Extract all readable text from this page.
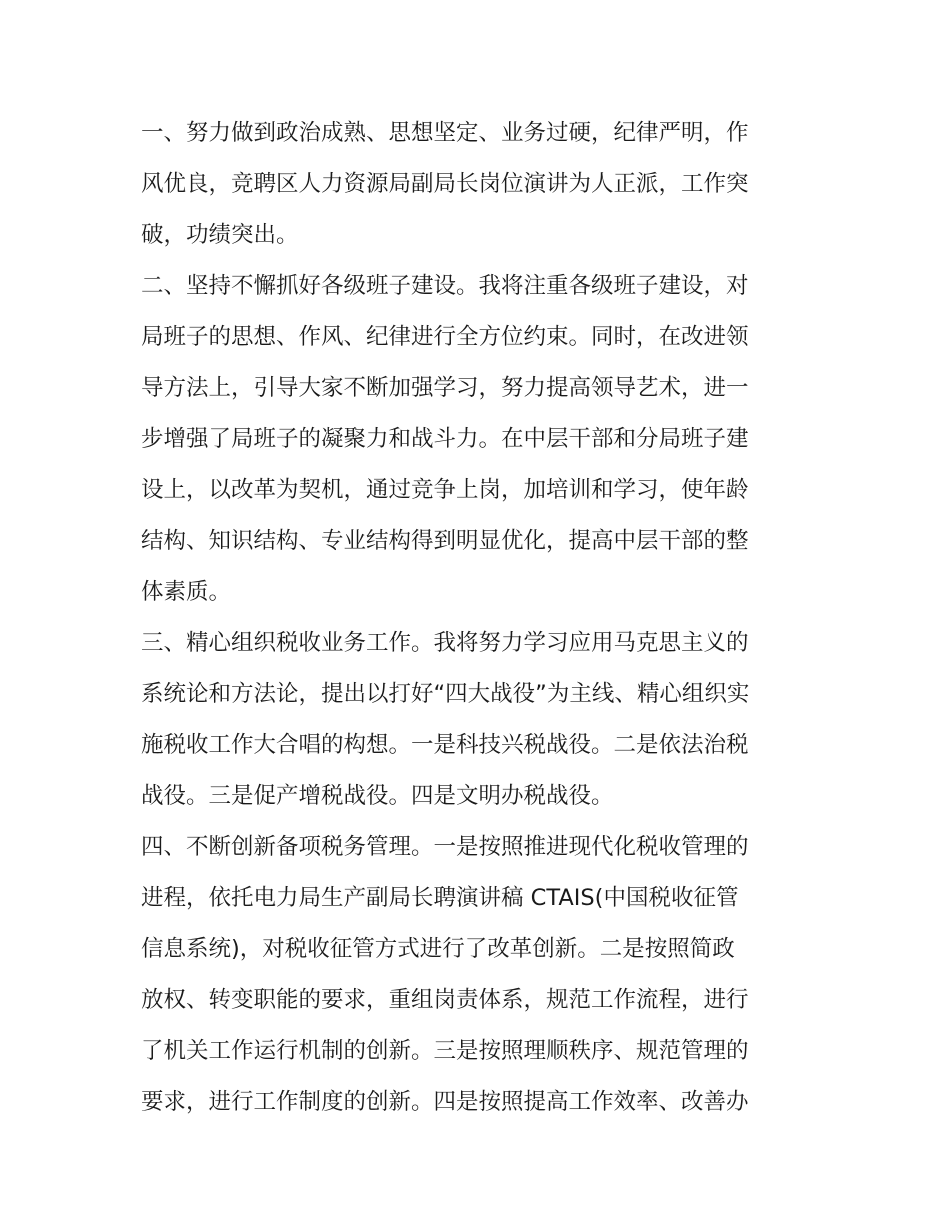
一、努力做到政治成熟、思想坚定、业务过硬，纪律严明，作
风优良，竞聘区人力资源局副局长岗位演讲为人正派，工作突
破，功绩突出。
二、坚持不懈抓好各级班子建设。我将注重各级班子建设，对
局班子的思想、作风、纪律进行全方位约束。同时，在改进领
导方法上，引导大家不断加强学习，努力提高领导艺术，进一
步增强了局班子的凝聚力和战斗力。在中层干部和分局班子建
设上，以改革为契机，通过竞争上岗，加培训和学习，使年龄
结构、知识结构、专业结构得到明显优化，提高中层干部的整
体素质。
三、精心组织税收业务工作。我将努力学习应用马克思主义的
系统论和方法论，提出以打好“四大战役”为主线、精心组织实
施税收工作大合唱的构想。一是科技兴税战役。二是依法治税
战役。三是促产增税战役。四是文明办税战役。
四、不断创新备项税务管理。一是按照推进现代化税收管理的
进程，依托电力局生产副局长聘演讲稿 CTAIS(中国税收征管
信息系统)，对税收征管方式进行了改革创新。二是按照简政
放权、转变职能的要求，重组岗责体系，规范工作流程，进行
了机关工作运行机制的创新。三是按照理顺秩序、规范管理的
要求，进行工作制度的创新。四是按照提高工作效率、改善办
